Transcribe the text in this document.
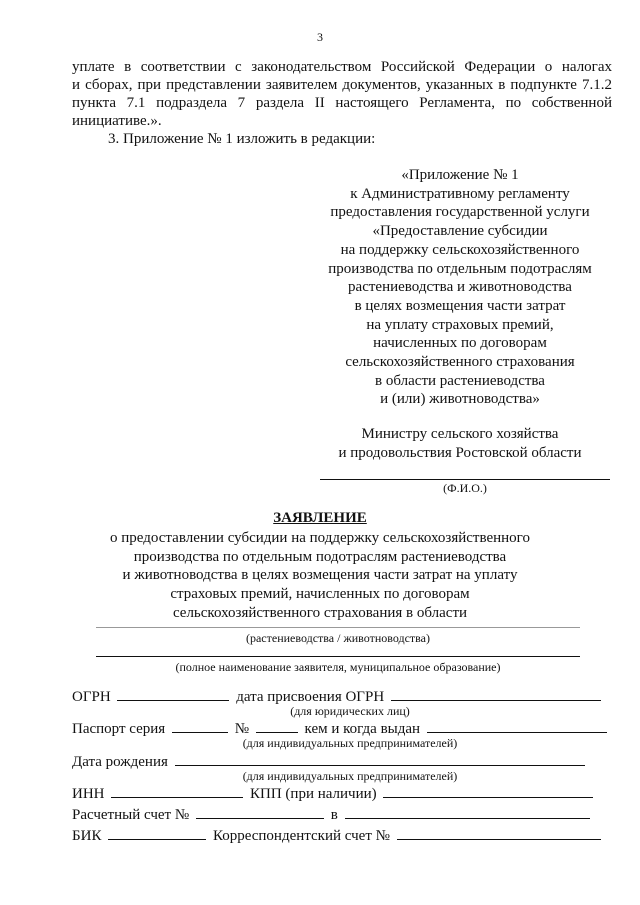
3
уплате в соответствии с законодательством Российской Федерации о налогах
и сборах, при представлении заявителем документов, указанных в подпункте 7.1.2
пункта 7.1 подраздела 7 раздела II настоящего Регламента, по собственной
инициативе.».
3. Приложение № 1 изложить в редакции:
«Приложение № 1
к Административному регламенту
предоставления государственной услуги
«Предоставление субсидии
на поддержку сельскохозяйственного
производства по отдельным подотраслям
растениеводства и животноводства
в целях возмещения части затрат
на уплату страховых премий,
начисленных по договорам
сельскохозяйственного страхования
в области растениеводства
и (или) животноводства»
Министру сельского хозяйства
и продовольствия Ростовской области
(Ф.И.О.)
ЗАЯВЛЕНИЕ
о предоставлении субсидии на поддержку сельскохозяйственного
производства по отдельным подотраслям растениеводства
и животноводства в целях возмещения части затрат на уплату
страховых премий, начисленных по договорам
сельскохозяйственного страхования в области
(растениеводства / животноводства)
(полное наименование заявителя, муниципальное образование)
ОГРН	дата присвоения ОГРН
(для юридических лиц)
Паспорт серия	№	кем и когда выдан
(для индивидуальных предпринимателей)
Дата рождения
(для индивидуальных предпринимателей)
ИНН	КПП (при наличии)
Расчетный счет №	в
БИК	Корреспондентский счет №
